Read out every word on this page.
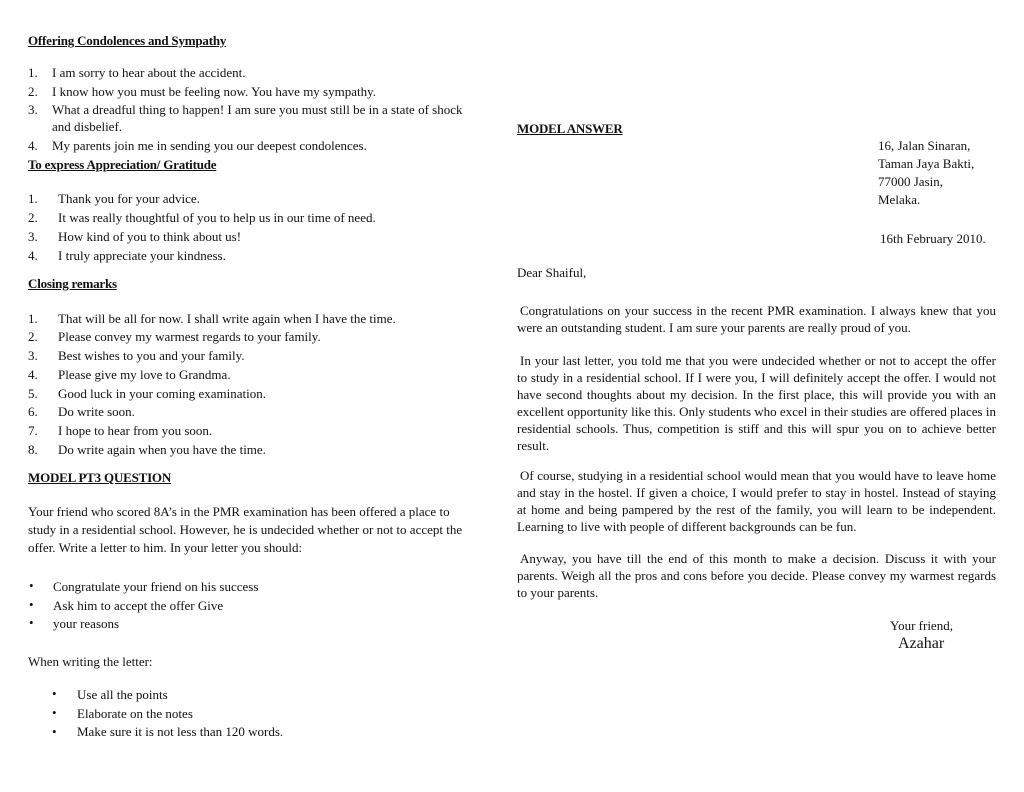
Offering Condolences and Sympathy
1. I am sorry to hear about the accident.
2. I know how you must be feeling now. You have my sympathy.
3. What a dreadful thing to happen! I am sure you must still be in a state of shock
and disbelief.
4. My parents join me in sending you our deepest condolences.
To express Appreciation/ Gratitude
1. Thank you for your advice.
2. It was really thoughtful of you to help us in our time of need.
3. How kind of you to think about us!
4. I truly appreciate your kindness.
Closing remarks
1. That will be all for now. I shall write again when I have the time.
2. Please convey my warmest regards to your family.
3. Best wishes to you and your family.
4. Please give my love to Grandma.
5. Good luck in your coming examination.
6. Do write soon.
7. I hope to hear from you soon.
8. Do write again when you have the time.
MODEL PT3 QUESTION
Your friend who scored 8A’s in the PMR examination has been offered a place to
study in a residential school. However, he is undecided whether or not to accept the
offer. Write a letter to him. In your letter you should:
• Congratulate your friend on his success
• Ask him to accept the offer Give
• your reasons
When writing the letter:
• Use all the points
• Elaborate on the notes
• Make sure it is not less than 120 words.
MODEL ANSWER
16, Jalan Sinaran,
Taman Jaya Bakti,
77000 Jasin,
Melaka.
16th February 2010.
Dear Shaiful,
Congratulations on your success in the recent PMR examination. I always knew that you were an outstanding student. I am sure your parents are really proud of you.
In your last letter, you told me that you were undecided whether or not to accept the offer to study in a residential school. If I were you, I will definitely accept the offer. I would not have second thoughts about my decision. In the first place, this will provide you with an excellent opportunity like this. Only students who excel in their studies are offered places in residential schools. Thus, competition is stiff and this will spur you on to achieve better result.
Of course, studying in a residential school would mean that you would have to leave home and stay in the hostel. If given a choice, I would prefer to stay in hostel. Instead of staying at home and being pampered by the rest of the family, you will learn to be independent. Learning to live with people of different backgrounds can be fun.
Anyway, you have till the end of this month to make a decision. Discuss it with your parents. Weigh all the pros and cons before you decide. Please convey my warmest regards to your parents.
Your friend,
Azahar
